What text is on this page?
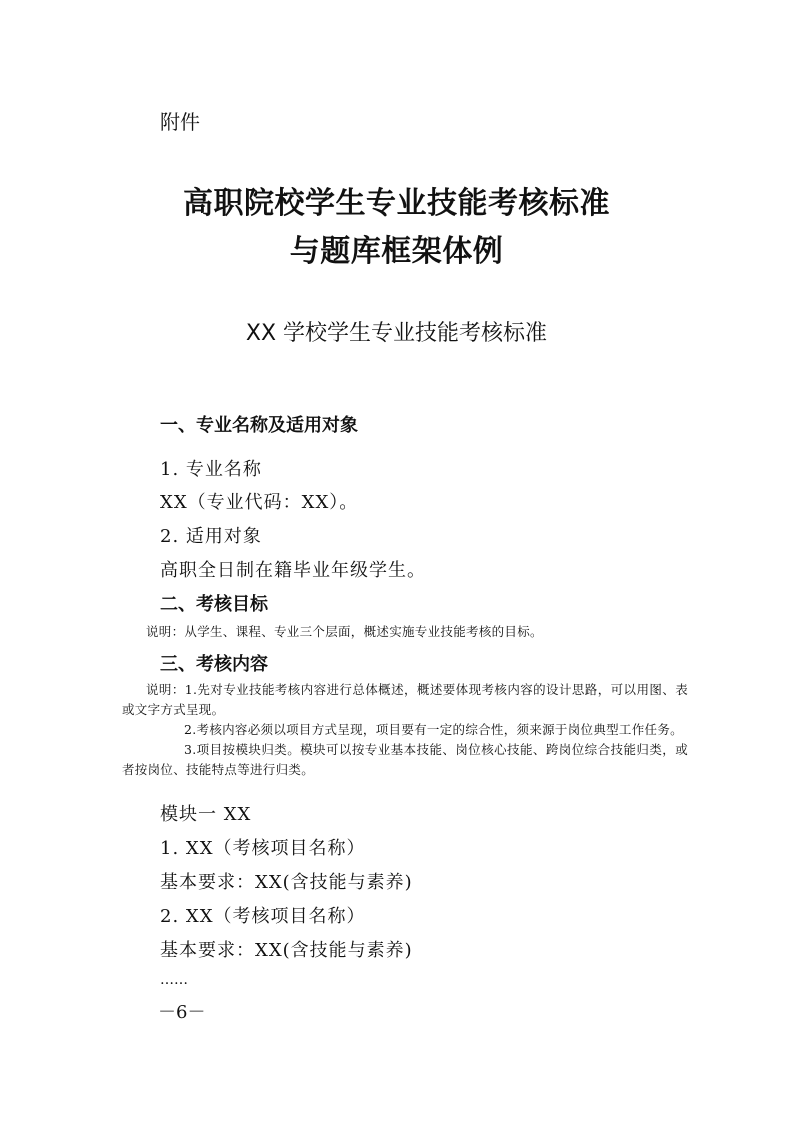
附件
高职院校学生专业技能考核标准
与题库框架体例
XX 学校学生专业技能考核标准
一、专业名称及适用对象
1. 专业名称
XX（专业代码：XX）。
2. 适用对象
高职全日制在籍毕业年级学生。
二、考核目标
说明：从学生、课程、专业三个层面，概述实施专业技能考核的目标。
三、考核内容

说明：1.先对专业技能考核内容进行总体概述，概述要体现考核内容的设计思路，可以用图、表或文字方式呈现。

2.考核内容必须以项目方式呈现，项目要有一定的综合性，须来源于岗位典型工作任务。

3.项目按模块归类。模块可以按专业基本技能、岗位核心技能、跨岗位综合技能归类，或者按岗位、技能特点等进行归类。

模块一 XX
1. XX（考核项目名称）
基本要求：XX(含技能与素养)
2. XX（考核项目名称）
基本要求：XX(含技能与素养)
……
－6－
